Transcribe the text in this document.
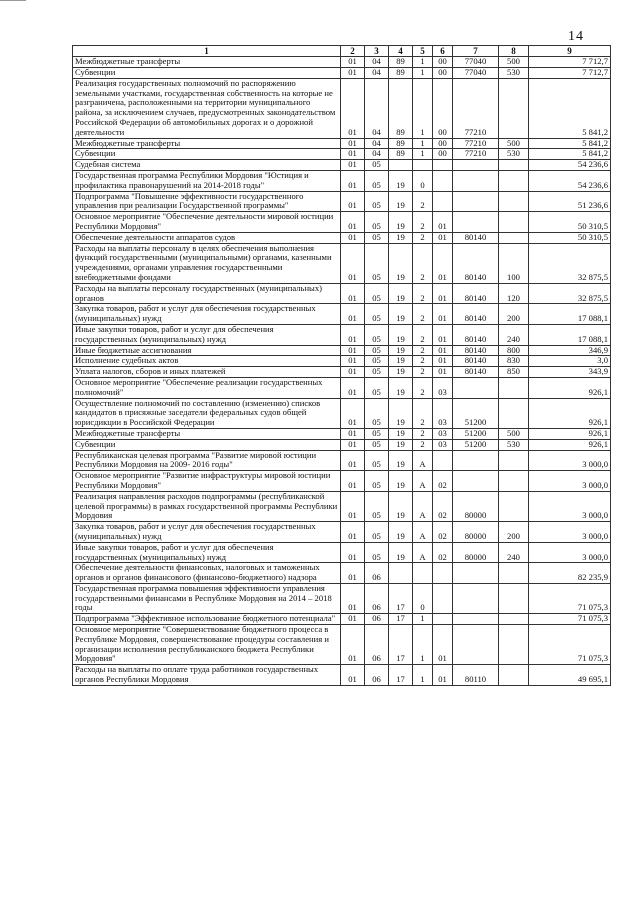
14
1	2	3	4	5	6	7	8	9
Межбюджетные трансферты	01	04	89	1	00	77040	500	7 712,7
Субвенции	01	04	89	1	00	77040	530	7 712,7
Реализация государственных полномочий по распоряжению земельными участками, государственная собственность на которые не разграничена, расположенными на территории муниципального района, за исключением случаев, предусмотренных законодательством Российской Федерации об автомобильных дорогах и о дорожной деятельности	01	04	89	1	00	77210		5 841,2
Межбюджетные трансферты	01	04	89	1	00	77210	500	5 841,2
Субвенции	01	04	89	1	00	77210	530	5 841,2
Судебная система	01	05						54 236,6
Государственная программа Республики Мордовия "Юстиция и профилактика правонарушений на 2014-2018 годы"	01	05	19	0				54 236,6
Подпрограмма "Повышение эффективности государственного управления при реализации Государственной программы"	01	05	19	2				51 236,6
Основное мероприятие "Обеспечение деятельности мировой юстиции Республики Мордовия"	01	05	19	2	01			50 310,5
Обеспечение деятельности аппаратов судов	01	05	19	2	01	80140		50 310,5
Расходы на выплаты персоналу в целях обеспечения выполнения функций государственными (муниципальными) органами, казенными учреждениями, органами управления государственными внебюджетными фондами	01	05	19	2	01	80140	100	32 875,5
Расходы на выплаты персоналу государственных (муниципальных) органов	01	05	19	2	01	80140	120	32 875,5
Закупка товаров, работ и услуг для обеспечения государственных (муниципальных) нужд	01	05	19	2	01	80140	200	17 088,1
Иные закупки товаров, работ и услуг для обеспечения государственных (муниципальных) нужд	01	05	19	2	01	80140	240	17 088,1
Иные бюджетные ассигнования	01	05	19	2	01	80140	800	346,9
Исполнение судебных актов	01	05	19	2	01	80140	830	3,0
Уплата налогов, сборов и иных платежей	01	05	19	2	01	80140	850	343,9
Основное мероприятие "Обеспечение реализации государственных полномочий"	01	05	19	2	03			926,1
Осуществление полномочий по составлению (изменению) списков кандидатов в присяжные заседатели федеральных судов общей юрисдикции в Российской Федерации	01	05	19	2	03	51200		926,1
Межбюджетные трансферты	01	05	19	2	03	51200	500	926,1
Субвенции	01	05	19	2	03	51200	530	926,1
Республиканская целевая программа "Развитие мировой юстиции Республики Мордовия на 2009- 2016 годы"	01	05	19	А				3 000,0
Основное мероприятие "Развитие инфраструктуры мировой юстиции Республики Мордовия"	01	05	19	А	02			3 000,0
Реализация направления расходов подпрограммы (республиканской целевой программы) в рамках государственной программы Республики Мордовия	01	05	19	А	02	80000		3 000,0
Закупка товаров, работ и услуг для обеспечения государственных (муниципальных) нужд	01	05	19	А	02	80000	200	3 000,0
Иные закупки товаров, работ и услуг для обеспечения государственных (муниципальных) нужд	01	05	19	А	02	80000	240	3 000,0
Обеспечение деятельности финансовых, налоговых и таможенных органов и органов финансового (финансово-бюджетного) надзора	01	06						82 235,9
Государственная программа повышения эффективности управления государственными финансами в Республике Мордовия на 2014 – 2018 годы	01	06	17	0				71 075,3
Подпрограмма "Эффективное использование бюджетного потенциала"	01	06	17	1				71 075,3
Основное мероприятие "Совершенствование бюджетного процесса в Республике Мордовия, совершенствование процедуры составления и организации исполнения республиканского бюджета Республики Мордовия"	01	06	17	1	01			71 075,3
Расходы на выплаты по оплате труда работников государственных органов Республики Мордовия	01	06	17	1	01	80110		49 695,1
